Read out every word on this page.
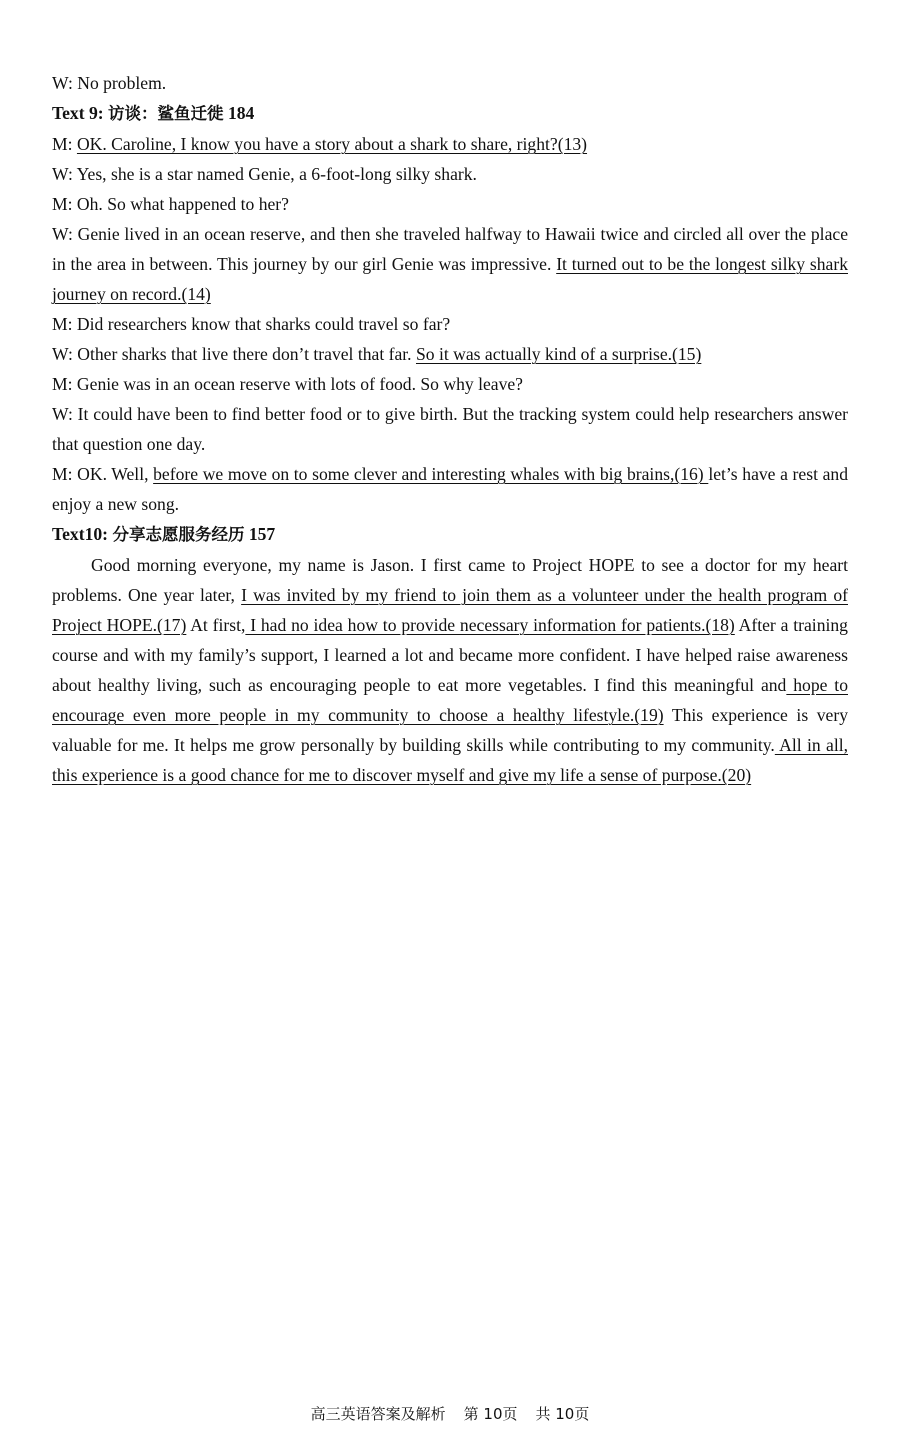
W: No problem.

Text 9: 访谈：鲨鱼迁徙 184

M: OK. Caroline, I know you have a story about a shark to share, right?(13)

W: Yes, she is a star named Genie, a 6-foot-long silky shark.

M: Oh. So what happened to her?

W: Genie lived in an ocean reserve, and then she traveled halfway to Hawaii twice and circled all over the place in the area in between. This journey by our girl Genie was impressive. It turned out to be the longest silky shark journey on record.(14)

M: Did researchers know that sharks could travel so far?

W: Other sharks that live there don’t travel that far. So it was actually kind of a surprise.(15)

M: Genie was in an ocean reserve with lots of food. So why leave?

W: It could have been to find better food or to give birth. But the tracking system could help researchers answer that question one day.

M: OK. Well, before we move on to some clever and interesting whales with big brains,(16) let’s have a rest and enjoy a new song.

Text10: 分享志愿服务经历 157

Good morning everyone, my name is Jason. I first came to Project HOPE to see a doctor for my heart problems. One year later, I was invited by my friend to join them as a volunteer under the health program of Project HOPE.(17) At first, I had no idea how to provide necessary information for patients.(18) After a training course and with my family’s support, I learned a lot and became more confident. I have helped raise awareness about healthy living, such as encouraging people to eat more vegetables. I find this meaningful and hope to encourage even more people in my community to choose a healthy lifestyle.(19) This experience is very valuable for me. It helps me grow personally by building skills while contributing to my community. All in all, this experience is a good chance for me to discover myself and give my life a sense of purpose.(20)

高三英语答案及解析 第 10页 共 10页
